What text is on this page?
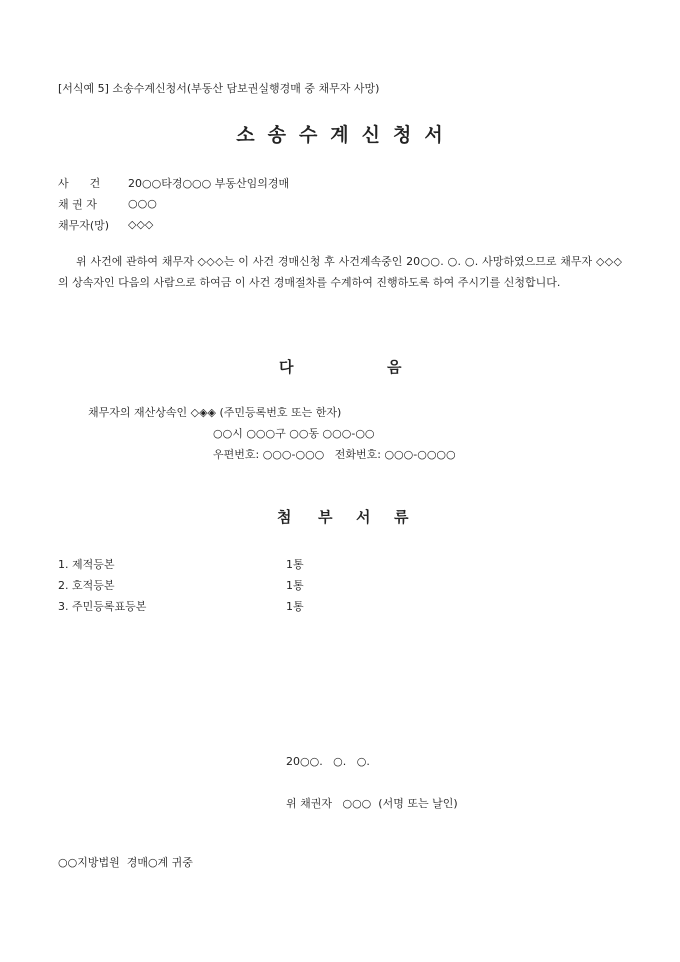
[서식예 5] 소송수계신청서(부동산 담보권실행경매 중 채무자 사망)
소송수계신청서
사      건	20○○타경○○○ 부동산임의경매
채 권 자	○○○
채무자(망)	◇◇◇
위 사건에 관하여 채무자 ◇◇◇는 이 사건 경매신청 후 사건계속중인 20○○. ○. ○. 사망하였으므로 채무자 ◇◇◇의 상속자인 다음의 사람으로 하여금 이 사건 경매절차를 수계하여 진행하도록 하여 주시기를 신청합니다.
다	음
채무자의 재산상속인 ◇◈◈ (주민등록번호 또는 한자)
○○시 ○○○구 ○○동 ○○○-○○
우편번호: ○○○-○○○   전화번호: ○○○-○○○○
첨 부 서 류
1. 제적등본	1통
2. 호적등본	1통
3. 주민등록표등본	1통
20○○.   ○.   ○.
위 채권자   ○○○  (서명 또는 날인)
○○지방법원  경매○계 귀중
